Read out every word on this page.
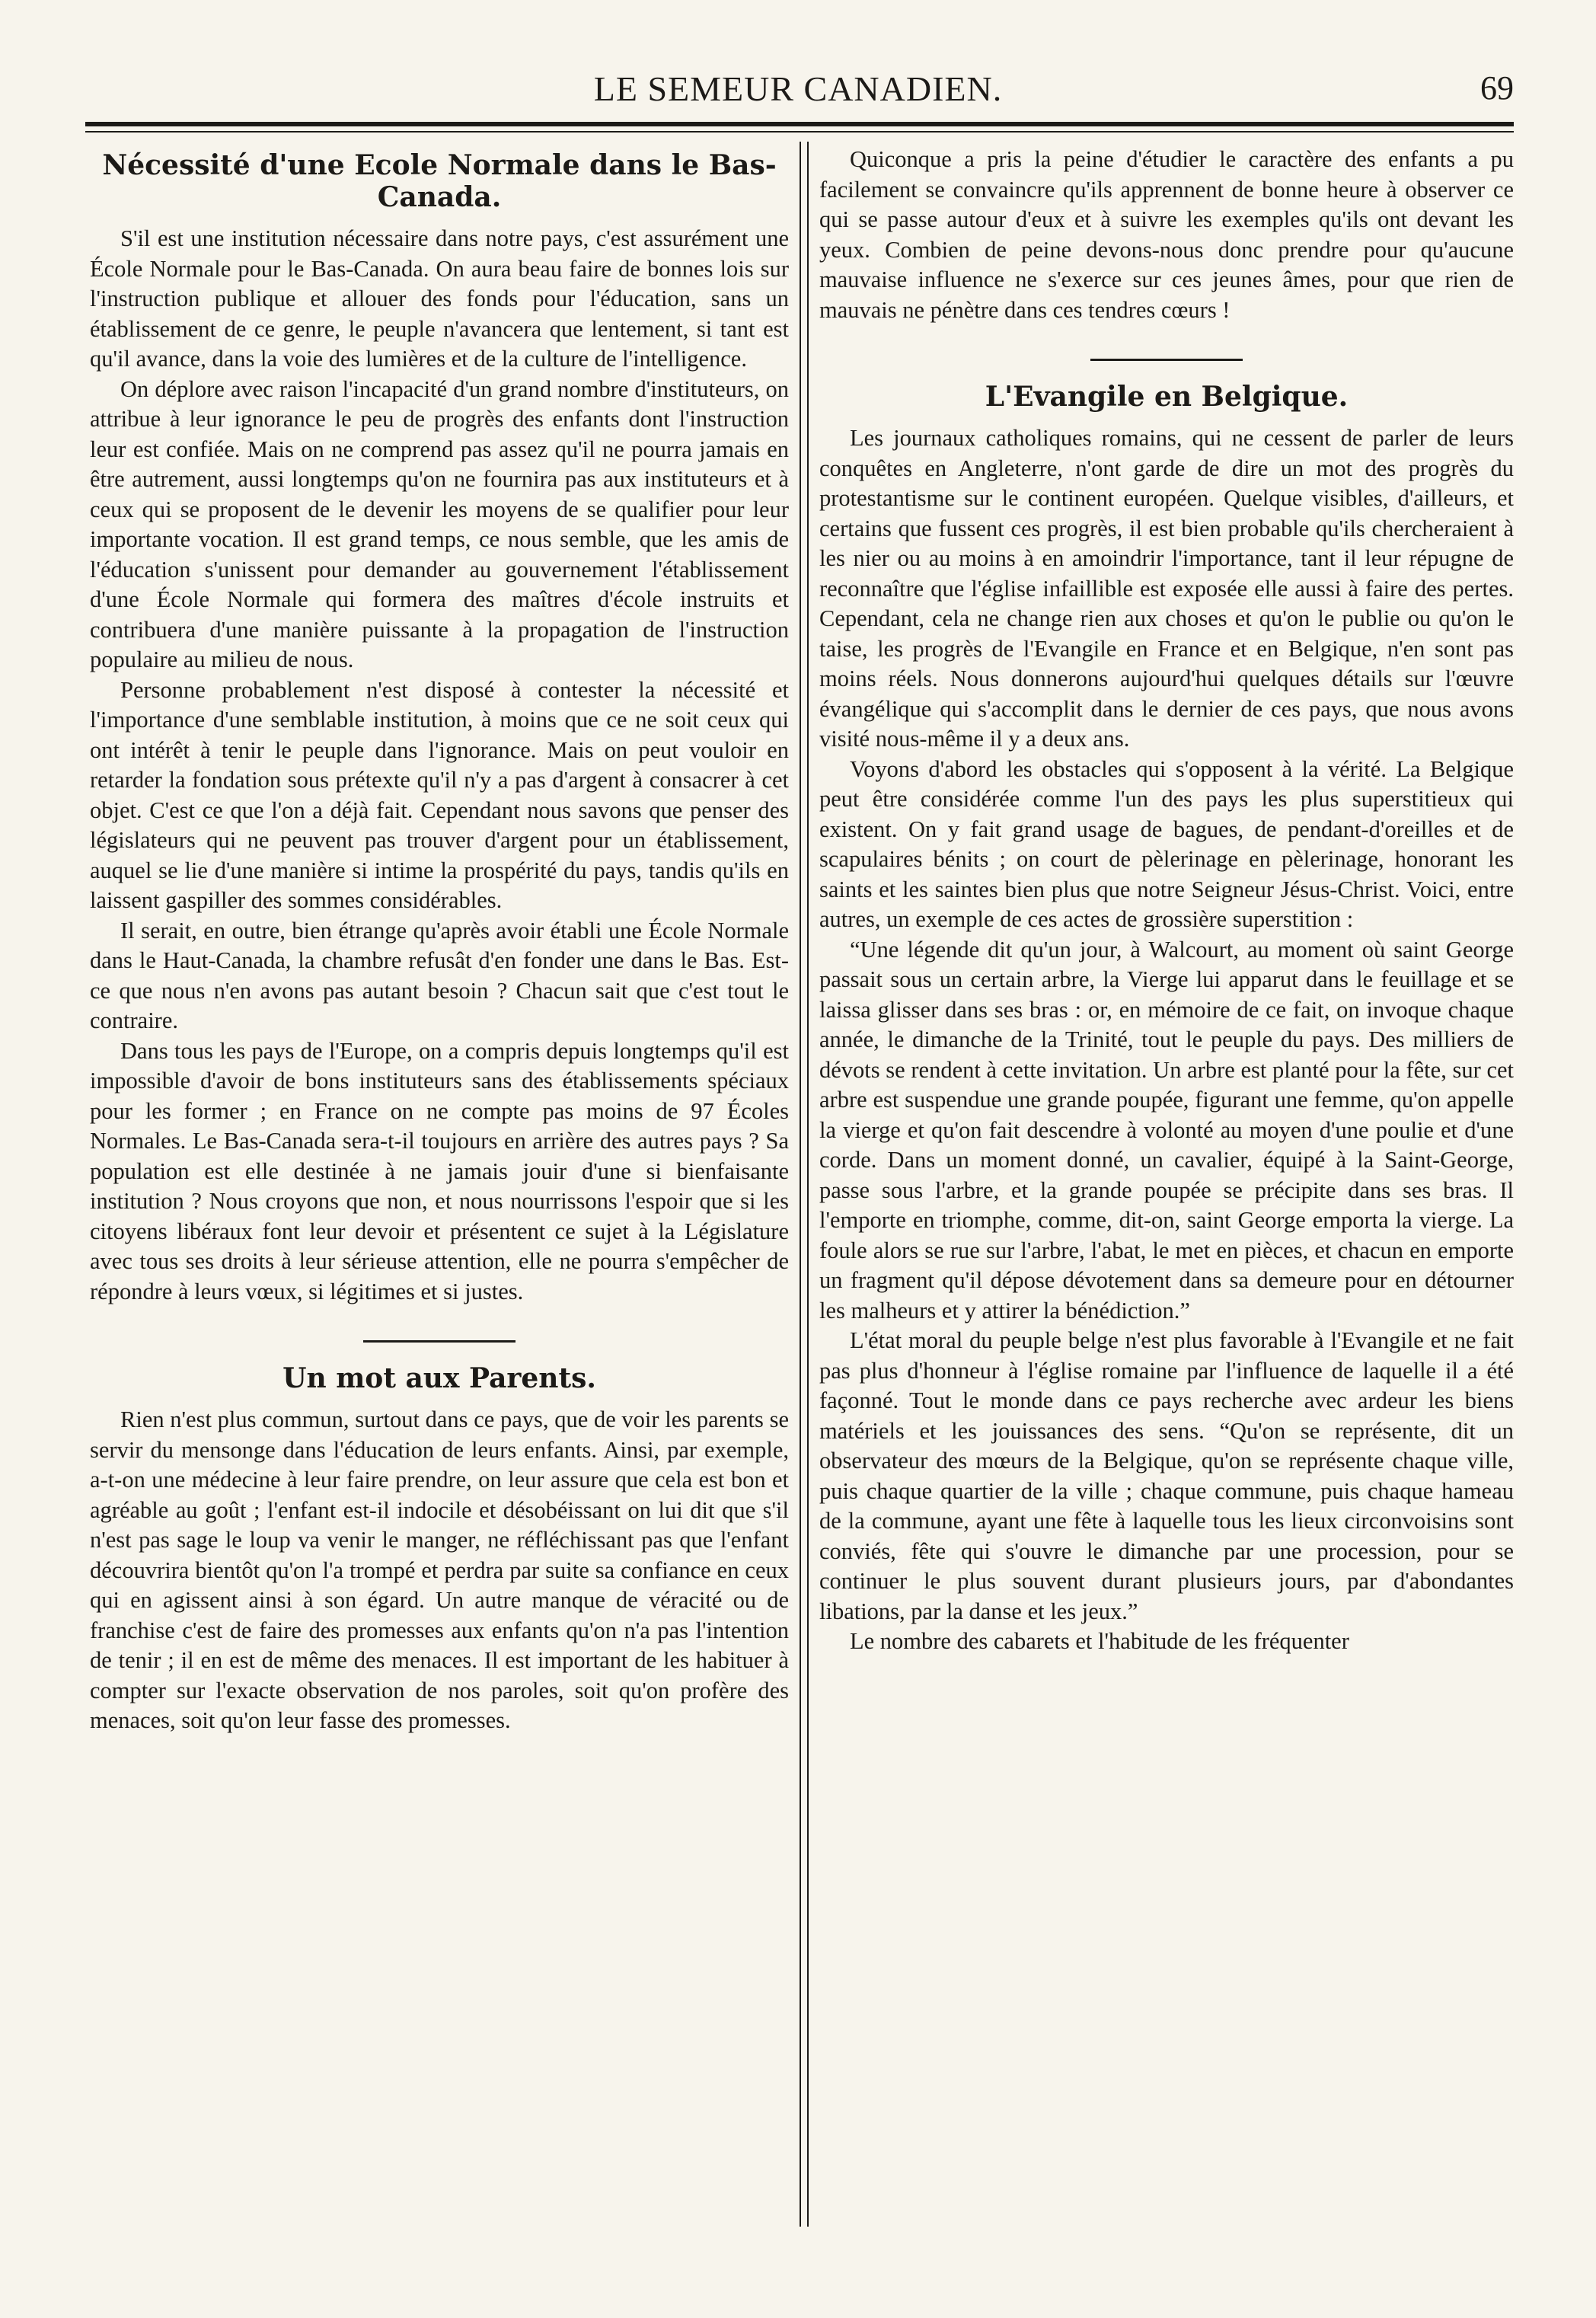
LE SEMEUR CANADIEN.	69
Nécessité d'une Ecole Normale dans le Bas-Canada.

S'il est une institution nécessaire dans notre pays, c'est assurément une École Normale pour le Bas-Canada. On aura beau faire de bonnes lois sur l'instruction publique et allouer des fonds pour l'éducation, sans un établissement de ce genre, le peuple n'avancera que lentement, si tant est qu'il avance, dans la voie des lumières et de la culture de l'intelligence.

On déplore avec raison l'incapacité d'un grand nombre d'instituteurs, on attribue à leur ignorance le peu de progrès des enfants dont l'instruction leur est confiée. Mais on ne comprend pas assez qu'il ne pourra jamais en être autrement, aussi longtemps qu'on ne fournira pas aux instituteurs et à ceux qui se proposent de le devenir les moyens de se qualifier pour leur importante vocation. Il est grand temps, ce nous semble, que les amis de l'éducation s'unissent pour demander au gouvernement l'établissement d'une École Normale qui formera des maîtres d'école instruits et contribuera d'une manière puissante à la propagation de l'instruction populaire au milieu de nous.

Personne probablement n'est disposé à contester la nécessité et l'importance d'une semblable institution, à moins que ce ne soit ceux qui ont intérêt à tenir le peuple dans l'ignorance. Mais on peut vouloir en retarder la fondation sous prétexte qu'il n'y a pas d'argent à consacrer à cet objet. C'est ce que l'on a déjà fait. Cependant nous savons que penser des législateurs qui ne peuvent pas trouver d'argent pour un établissement, auquel se lie d'une manière si intime la prospérité du pays, tandis qu'ils en laissent gaspiller des sommes considérables.

Il serait, en outre, bien étrange qu'après avoir établi une École Normale dans le Haut-Canada, la chambre refusât d'en fonder une dans le Bas. Est-ce que nous n'en avons pas autant besoin ? Chacun sait que c'est tout le contraire.

Dans tous les pays de l'Europe, on a compris depuis longtemps qu'il est impossible d'avoir de bons instituteurs sans des établissements spéciaux pour les former ; en France on ne compte pas moins de 97 Écoles Normales. Le Bas-Canada sera-t-il toujours en arrière des autres pays ? Sa population est elle destinée à ne jamais jouir d'une si bienfaisante institution ? Nous croyons que non, et nous nourrissons l'espoir que si les citoyens libéraux font leur devoir et présentent ce sujet à la Législature avec tous ses droits à leur sérieuse attention, elle ne pourra s'empêcher de répondre à leurs vœux, si légitimes et si justes.

Un mot aux Parents.

Rien n'est plus commun, surtout dans ce pays, que de voir les parents se servir du mensonge dans l'éducation de leurs enfants. Ainsi, par exemple, a-t-on une médecine à leur faire prendre, on leur assure que cela est bon et agréable au goût ; l'enfant est-il indocile et désobéissant on lui dit que s'il n'est pas sage le loup va venir le manger, ne réfléchissant pas que l'enfant découvrira bientôt qu'on l'a trompé et perdra par suite sa confiance en ceux qui en agissent ainsi à son égard. Un autre manque de véracité ou de franchise c'est de faire des promesses aux enfants qu'on n'a pas l'intention de tenir ; il en est de même des menaces. Il est important de les habituer à compter sur l'exacte observation de nos paroles, soit qu'on profère des menaces, soit qu'on leur fasse des promesses.

Quiconque a pris la peine d'étudier le caractère des enfants a pu facilement se convaincre qu'ils apprennent de bonne heure à observer ce qui se passe autour d'eux et à suivre les exemples qu'ils ont devant les yeux. Combien de peine devons-nous donc prendre pour qu'aucune mauvaise influence ne s'exerce sur ces jeunes âmes, pour que rien de mauvais ne pénètre dans ces tendres cœurs !

L'Evangile en Belgique.

Les journaux catholiques romains, qui ne cessent de parler de leurs conquêtes en Angleterre, n'ont garde de dire un mot des progrès du protestantisme sur le continent européen. Quelque visibles, d'ailleurs, et certains que fussent ces progrès, il est bien probable qu'ils chercheraient à les nier ou au moins à en amoindrir l'importance, tant il leur répugne de reconnaître que l'église infaillible est exposée elle aussi à faire des pertes. Cependant, cela ne change rien aux choses et qu'on le publie ou qu'on le taise, les progrès de l'Evangile en France et en Belgique, n'en sont pas moins réels. Nous donnerons aujourd'hui quelques détails sur l'œuvre évangélique qui s'accomplit dans le dernier de ces pays, que nous avons visité nous-même il y a deux ans.

Voyons d'abord les obstacles qui s'opposent à la vérité. La Belgique peut être considérée comme l'un des pays les plus superstitieux qui existent. On y fait grand usage de bagues, de pendant-d'oreilles et de scapulaires bénits ; on court de pèlerinage en pèlerinage, honorant les saints et les saintes bien plus que notre Seigneur Jésus-Christ. Voici, entre autres, un exemple de ces actes de grossière superstition :

“Une légende dit qu'un jour, à Walcourt, au moment où saint George passait sous un certain arbre, la Vierge lui apparut dans le feuillage et se laissa glisser dans ses bras : or, en mémoire de ce fait, on invoque chaque année, le dimanche de la Trinité, tout le peuple du pays. Des milliers de dévots se rendent à cette invitation. Un arbre est planté pour la fête, sur cet arbre est suspendue une grande poupée, figurant une femme, qu'on appelle la vierge et qu'on fait descendre à volonté au moyen d'une poulie et d'une corde. Dans un moment donné, un cavalier, équipé à la Saint-George, passe sous l'arbre, et la grande poupée se précipite dans ses bras. Il l'emporte en triomphe, comme, dit-on, saint George emporta la vierge. La foule alors se rue sur l'arbre, l'abat, le met en pièces, et chacun en emporte un fragment qu'il dépose dévotement dans sa demeure pour en détourner les malheurs et y attirer la bénédiction.”

L'état moral du peuple belge n'est plus favorable à l'Evangile et ne fait pas plus d'honneur à l'église romaine par l'influence de laquelle il a été façonné. Tout le monde dans ce pays recherche avec ardeur les biens matériels et les jouissances des sens. “Qu'on se représente, dit un observateur des mœurs de la Belgique, qu'on se représente chaque ville, puis chaque quartier de la ville ; chaque commune, puis chaque hameau de la commune, ayant une fête à laquelle tous les lieux circonvoisins sont conviés, fête qui s'ouvre le dimanche par une procession, pour se continuer le plus souvent durant plusieurs jours, par d'abondantes libations, par la danse et les jeux.”

Le nombre des cabarets et l'habitude de les fréquenter
